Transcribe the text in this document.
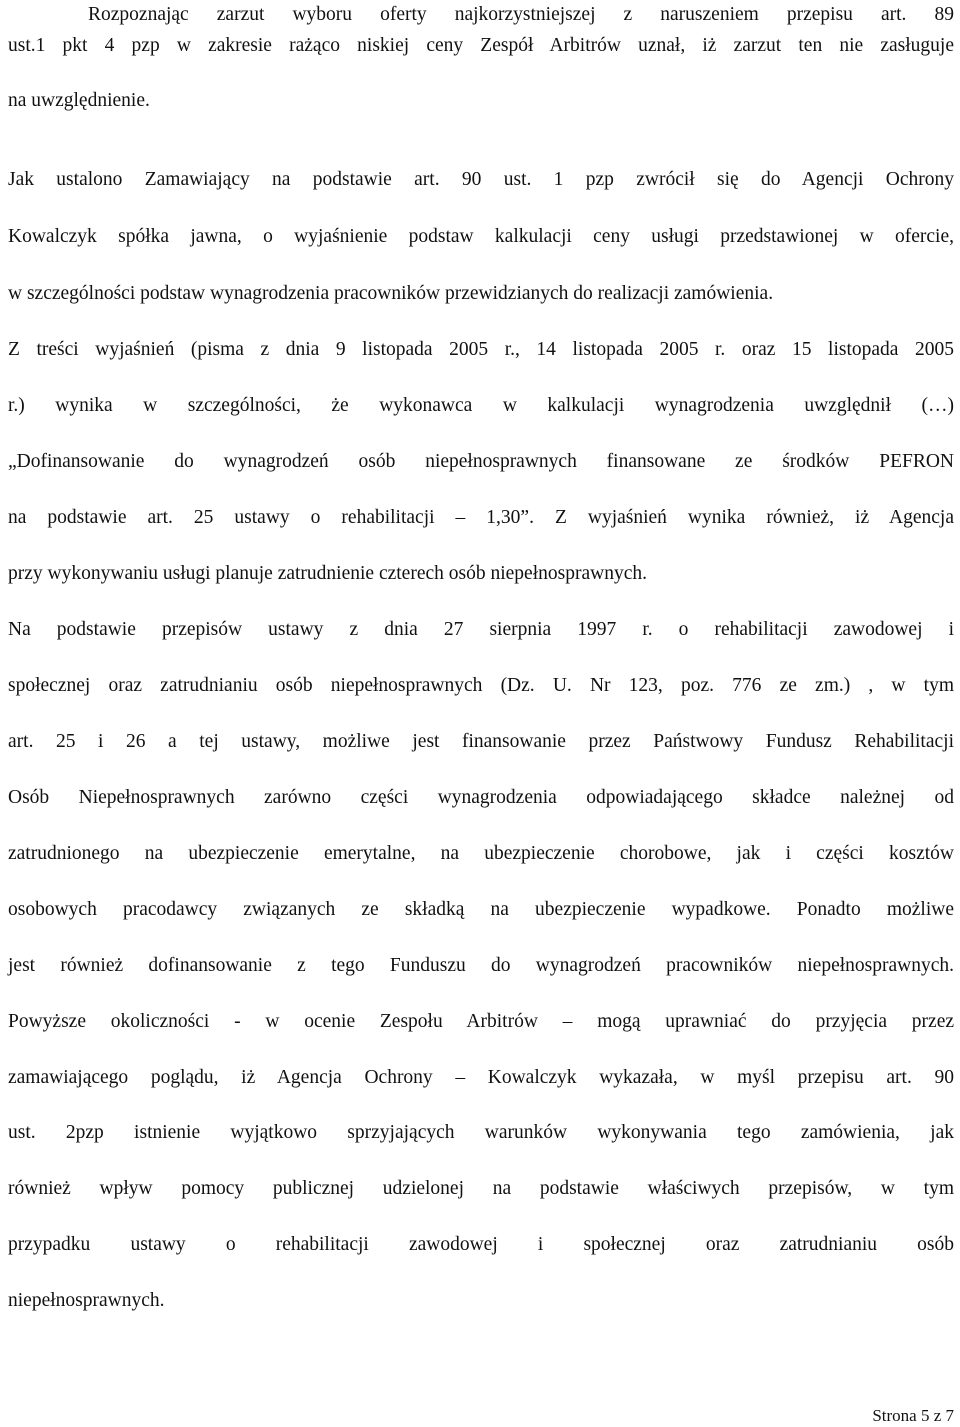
Rozpoznając zarzut wyboru oferty najkorzystniejszej z naruszeniem przepisu art. 89
ust.1 pkt 4 pzp w zakresie rażąco niskiej ceny Zespół Arbitrów uznał, iż zarzut ten nie zasługuje
na uwzględnienie.
Jak ustalono Zamawiający na podstawie art. 90 ust. 1 pzp zwrócił się do Agencji Ochrony
Kowalczyk spółka jawna, o wyjaśnienie podstaw kalkulacji ceny usługi przedstawionej w ofercie,
w szczególności podstaw wynagrodzenia pracowników przewidzianych do realizacji zamówienia.
Z treści wyjaśnień (pisma z dnia 9 listopada 2005 r., 14 listopada 2005 r. oraz 15 listopada 2005
r.) wynika w szczególności, że wykonawca w kalkulacji wynagrodzenia uwzględnił (…)
„Dofinansowanie do wynagrodzeń osób niepełnosprawnych finansowane ze środków PEFRON
na podstawie art. 25 ustawy o rehabilitacji – 1,30”. Z wyjaśnień wynika również, iż Agencja
przy wykonywaniu usługi planuje zatrudnienie czterech osób niepełnosprawnych.
Na podstawie przepisów ustawy z dnia 27 sierpnia 1997 r. o rehabilitacji zawodowej i
społecznej oraz zatrudnianiu osób niepełnosprawnych (Dz. U. Nr 123, poz. 776 ze zm.) , w tym
art. 25 i 26 a tej ustawy, możliwe jest finansowanie przez Państwowy Fundusz Rehabilitacji
Osób Niepełnosprawnych zarówno części wynagrodzenia odpowiadającego składce należnej od
zatrudnionego na ubezpieczenie emerytalne, na ubezpieczenie chorobowe, jak i części kosztów
osobowych pracodawcy związanych ze składką na ubezpieczenie wypadkowe. Ponadto możliwe
jest również dofinansowanie z tego Funduszu do wynagrodzeń pracowników niepełnosprawnych.
Powyższe okoliczności - w ocenie Zespołu Arbitrów – mogą uprawniać do przyjęcia przez
zamawiającego poglądu, iż Agencja Ochrony – Kowalczyk wykazała, w myśl przepisu art. 90
ust. 2pzp istnienie wyjątkowo sprzyjających warunków wykonywania tego zamówienia, jak
również wpływ pomocy publicznej udzielonej na podstawie właściwych przepisów, w tym
przypadku ustawy o rehabilitacji zawodowej i społecznej oraz zatrudnianiu osób
niepełnosprawnych.
Strona 5 z 7
